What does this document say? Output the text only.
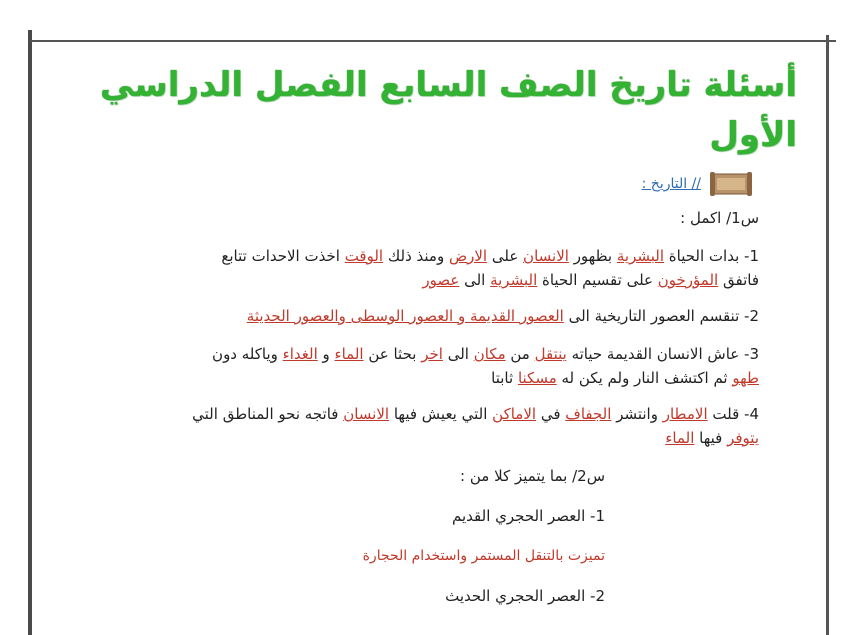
أسئلة تاريخ الصف السابع الفصل الدراسي الأول
// التاريخ :

س1/ اكمل :

1- بدات الحياة البشرية بظهور الانسان على الارض ومنذ ذلك الوقت اخذت الاحدات تتابع
فاتفق المؤرخون على تقسيم الحياة البشرية الى عصور

2- تنقسم العصور التاريخية الى العصور القديمة و العصور الوسطى والعصور الحديثة

3- عاش الانسان القديمة حياته ينتقل من مكان الى اخر بحثا عن الماء و الغداء وياكله دون
طهو ثم اكتشف النار ولم يكن له مسكنا ثابتا

4- قلت الامطار وانتشر الجفاف في الاماكن التي يعيش فيها الانسان فاتجه نحو المناطق التي
يتوفر فيها الماء

س2/ بما يتميز كلا من :

1- العصر الحجري القديم

تميزت بالتنقل المستمر واستخدام الحجارة

2- العصر الحجري الحديث
